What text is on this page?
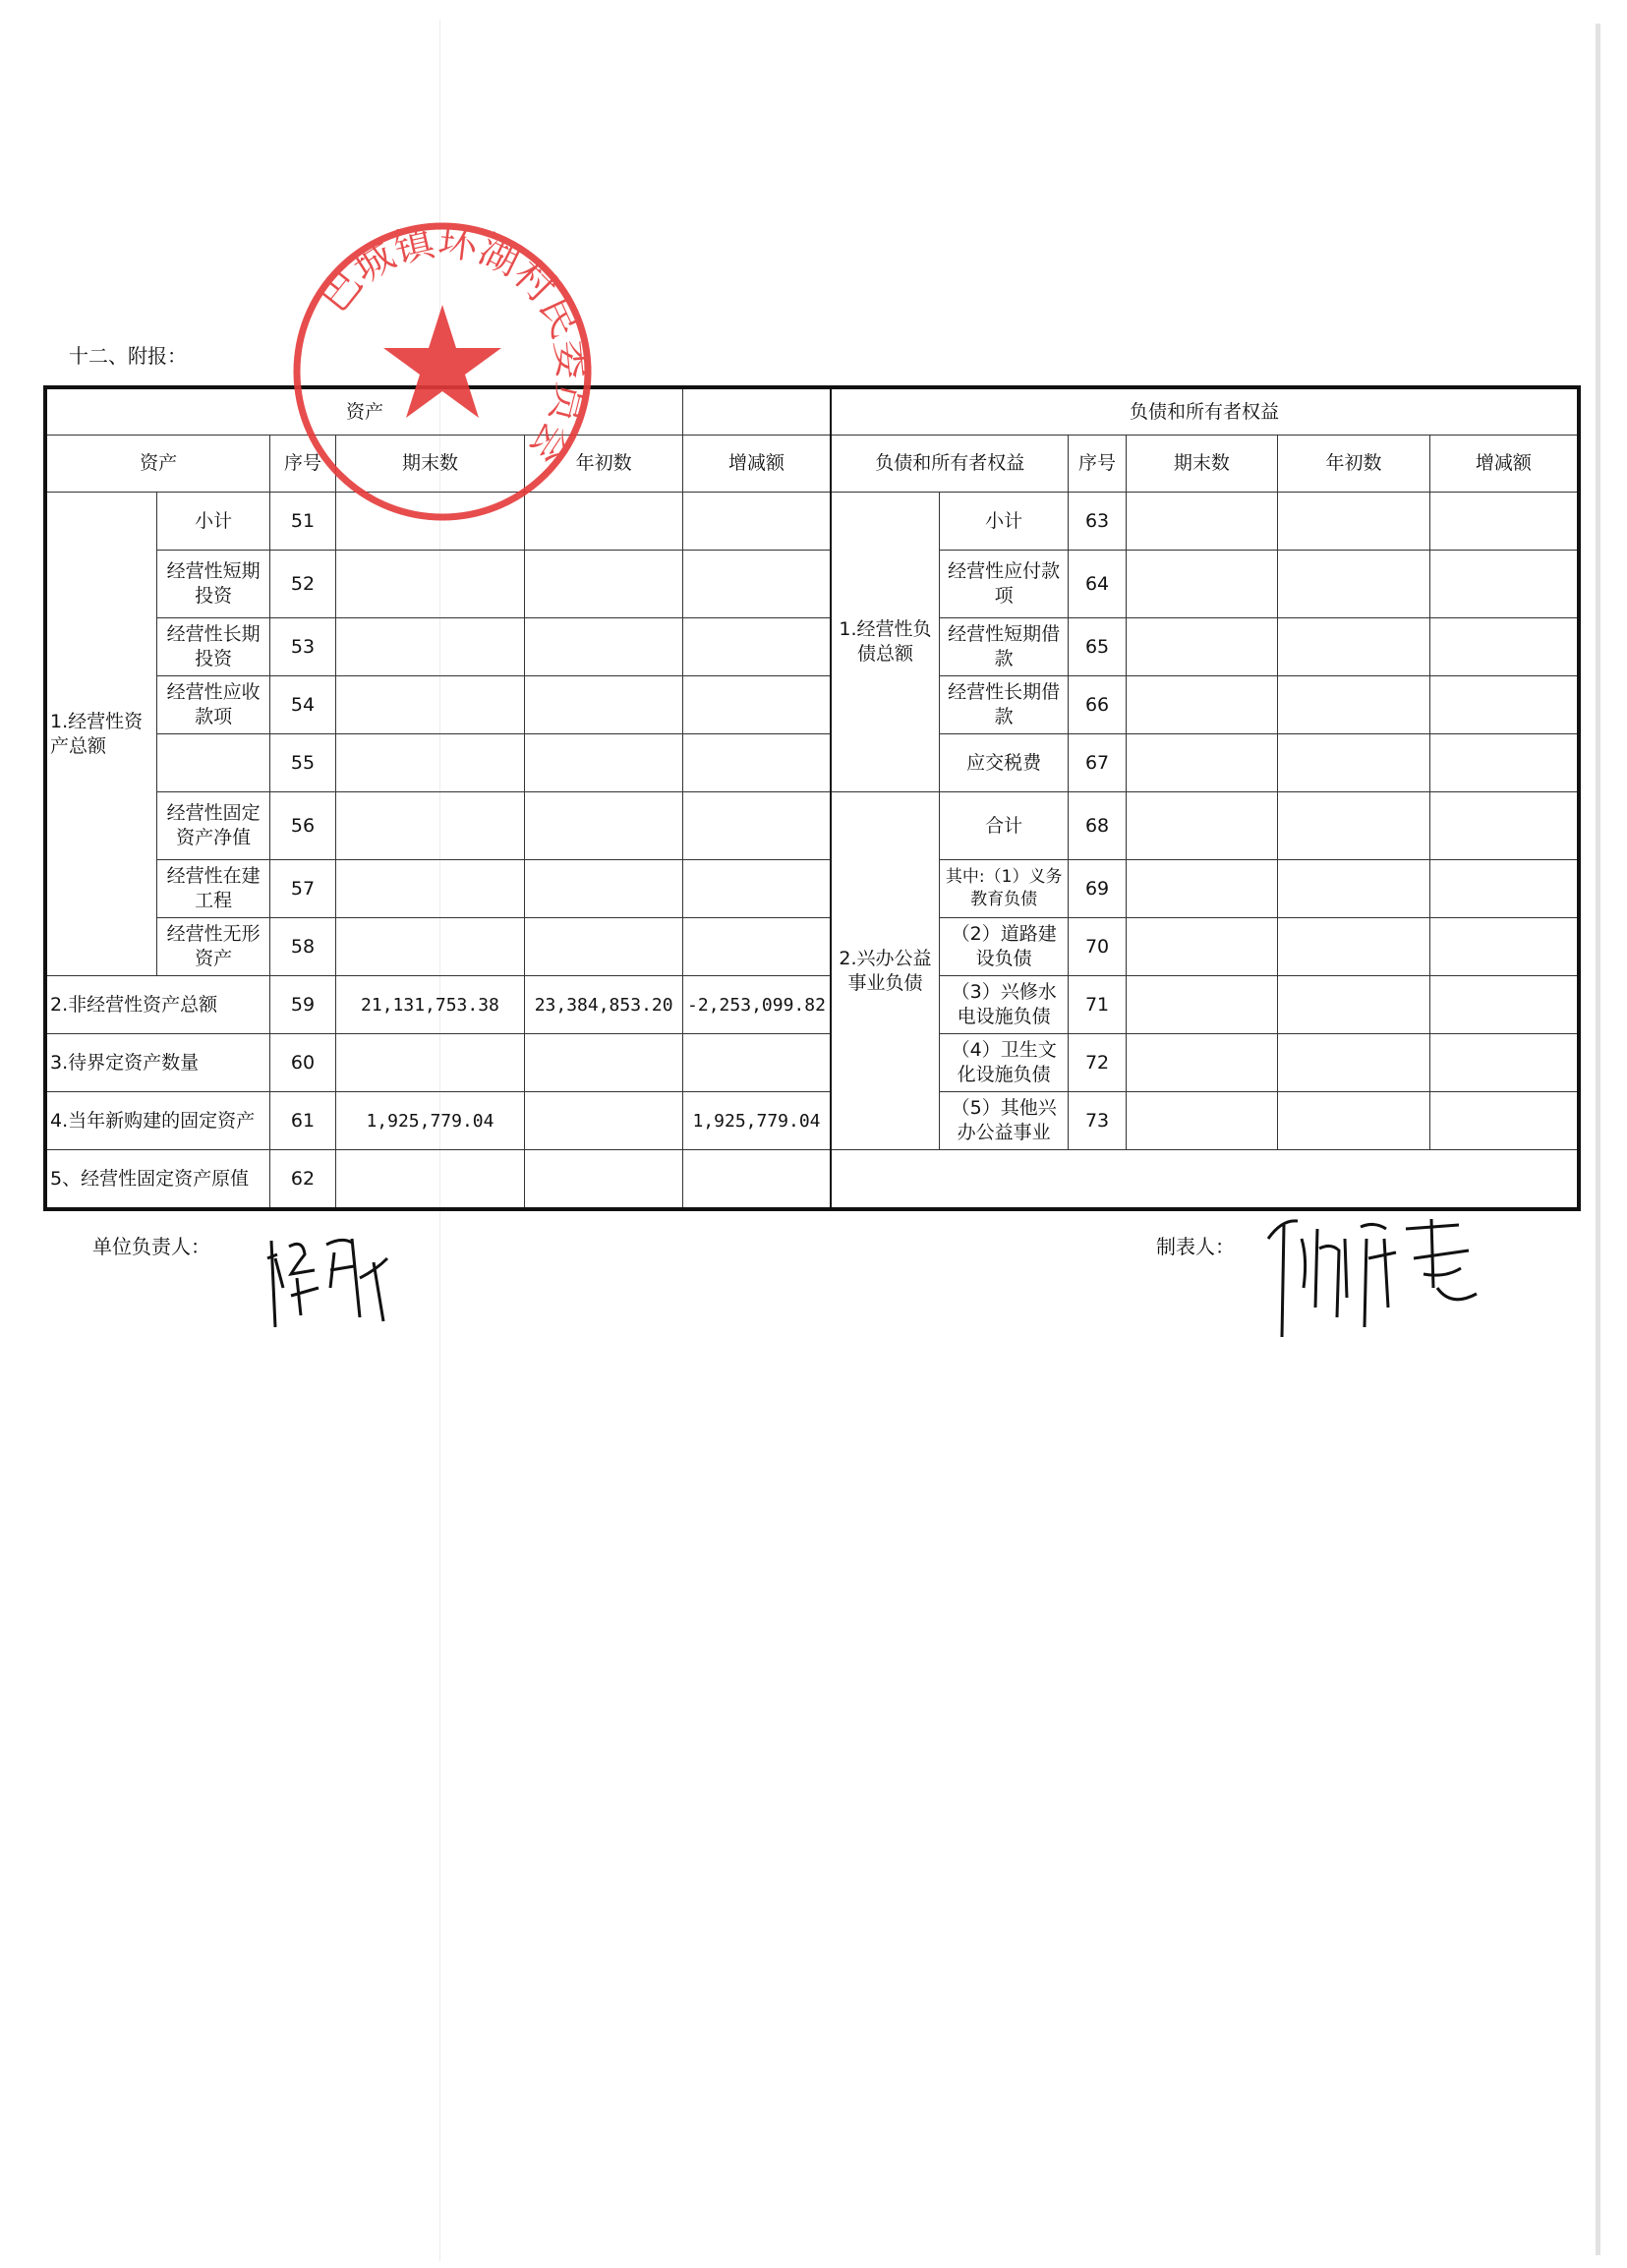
十二、附报：
资产						负债和所有者权益					
资产		序号	期末数	年初数	增减额	负债和所有者权益		序号	期末数	年初数	增减额
1.经营性资产总额	小计	51				1.经营性负债总额	小计	63			
	经营性短期投资	52					经营性应付款项	64			
	经营性长期投资	53					经营性短期借款	65			
	经营性应收款项	54					经营性长期借款	66			
		55					应交税费	67			
	经营性固定资产净值	56				2.兴办公益事业负债	合计	68			
	经营性在建工程	57					其中:（1）义务教育负债	69			
	经营性无形资产	58					（2）道路建设负债	70			
2.非经营性资产总额		59	21,131,753.38	23,384,853.20	-2,253,099.82		（3）兴修水电设施负债	71			
3.待界定资产数量		60					（4）卫生文化设施负债	72			
4.当年新购建的固定资产		61	1,925,779.04		1,925,779.04		（5）其他兴办公益事业	73			
5、经营性固定资产原值		62									
巴城镇环湖村民委员会
单位负责人：	制表人：
